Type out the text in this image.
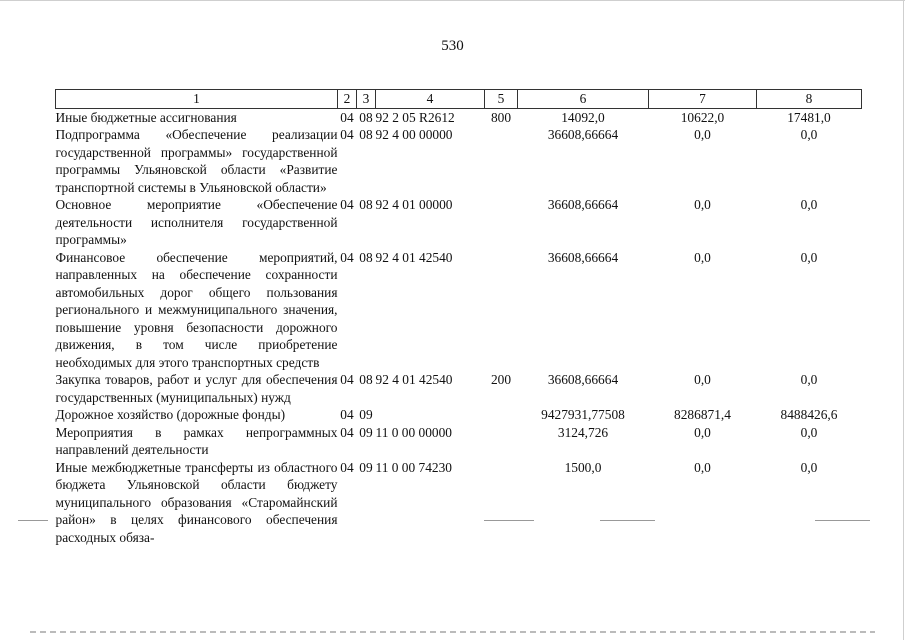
530
1	2	3	4	5	6	7	8
Иные бюджетные ассигнования	04	08	92 2 05 R2612	800	14092,0	10622,0	17481,0
Подпрограмма «Обеспечение реализации государственной программы» государственной программы Ульяновской области «Развитие транспортной системы в Ульяновской области»	04	08	92 4 00 00000		36608,66664	0,0	0,0
Основное мероприятие «Обеспечение деятельности исполнителя государственной программы»	04	08	92 4 01 00000		36608,66664	0,0	0,0
Финансовое обеспечение мероприятий, направленных на обеспечение сохранности автомобильных дорог общего пользования регионального и межмуниципального значения, повышение уровня безопасности дорожного движения, в том числе приобретение необходимых для этого транспортных средств	04	08	92 4 01 42540		36608,66664	0,0	0,0
Закупка товаров, работ и услуг для обеспечения государственных (муниципальных) нужд	04	08	92 4 01 42540	200	36608,66664	0,0	0,0
Дорожное хозяйство (дорожные фонды)	04	09			9427931,77508	8286871,4	8488426,6
Мероприятия в рамках непрограммных направлений деятельности	04	09	11 0 00 00000		3124,726	0,0	0,0
Иные межбюджетные трансферты из областного бюджета Ульяновской области бюджету муниципального образования «Старомайнский район» в целях финансового обеспечения расходных обяза-	04	09	11 0 00 74230		1500,0	0,0	0,0
